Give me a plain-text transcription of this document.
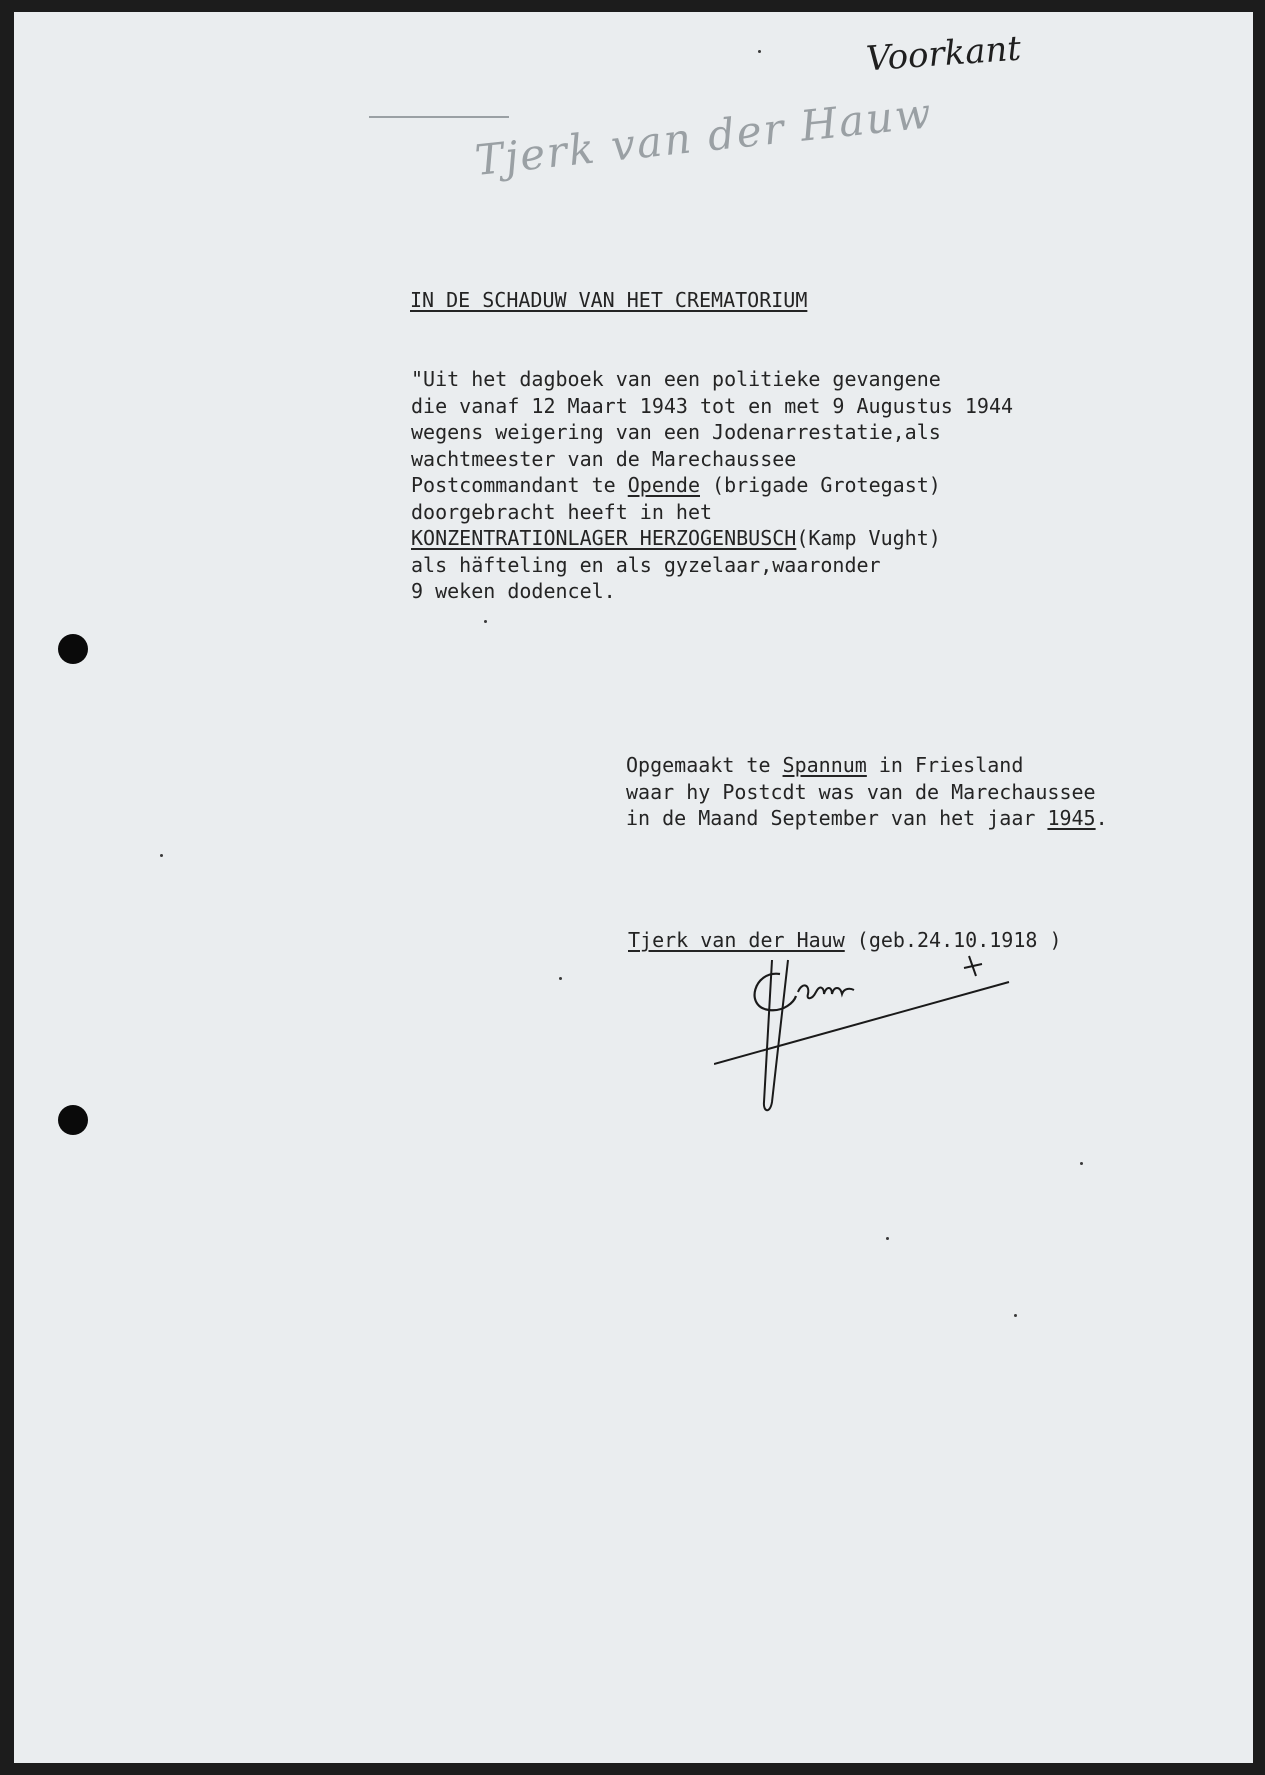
Voorkant
Tjerk van der Hauw
IN DE SCHADUW VAN HET CREMATORIUM
"Uit het dagboek van een politieke gevangene
die vanaf 12 Maart 1943 tot en met 9 Augustus 1944
wegens weigering van een Jodenarrestatie,als
wachtmeester van de Marechaussee
Postcommandant te Opende (brigade Grotegast)
doorgebracht heeft in het
KONZENTRATIONLAGER HERZOGENBUSCH(Kamp Vught)
als häfteling en als gyzelaar,waaronder
9 weken dodencel.
Opgemaakt te Spannum in Friesland
waar hy Postcdt was van de Marechaussee
in de Maand September van het jaar 1945.
Tjerk van der Hauw (geb.24.10.1918 )
